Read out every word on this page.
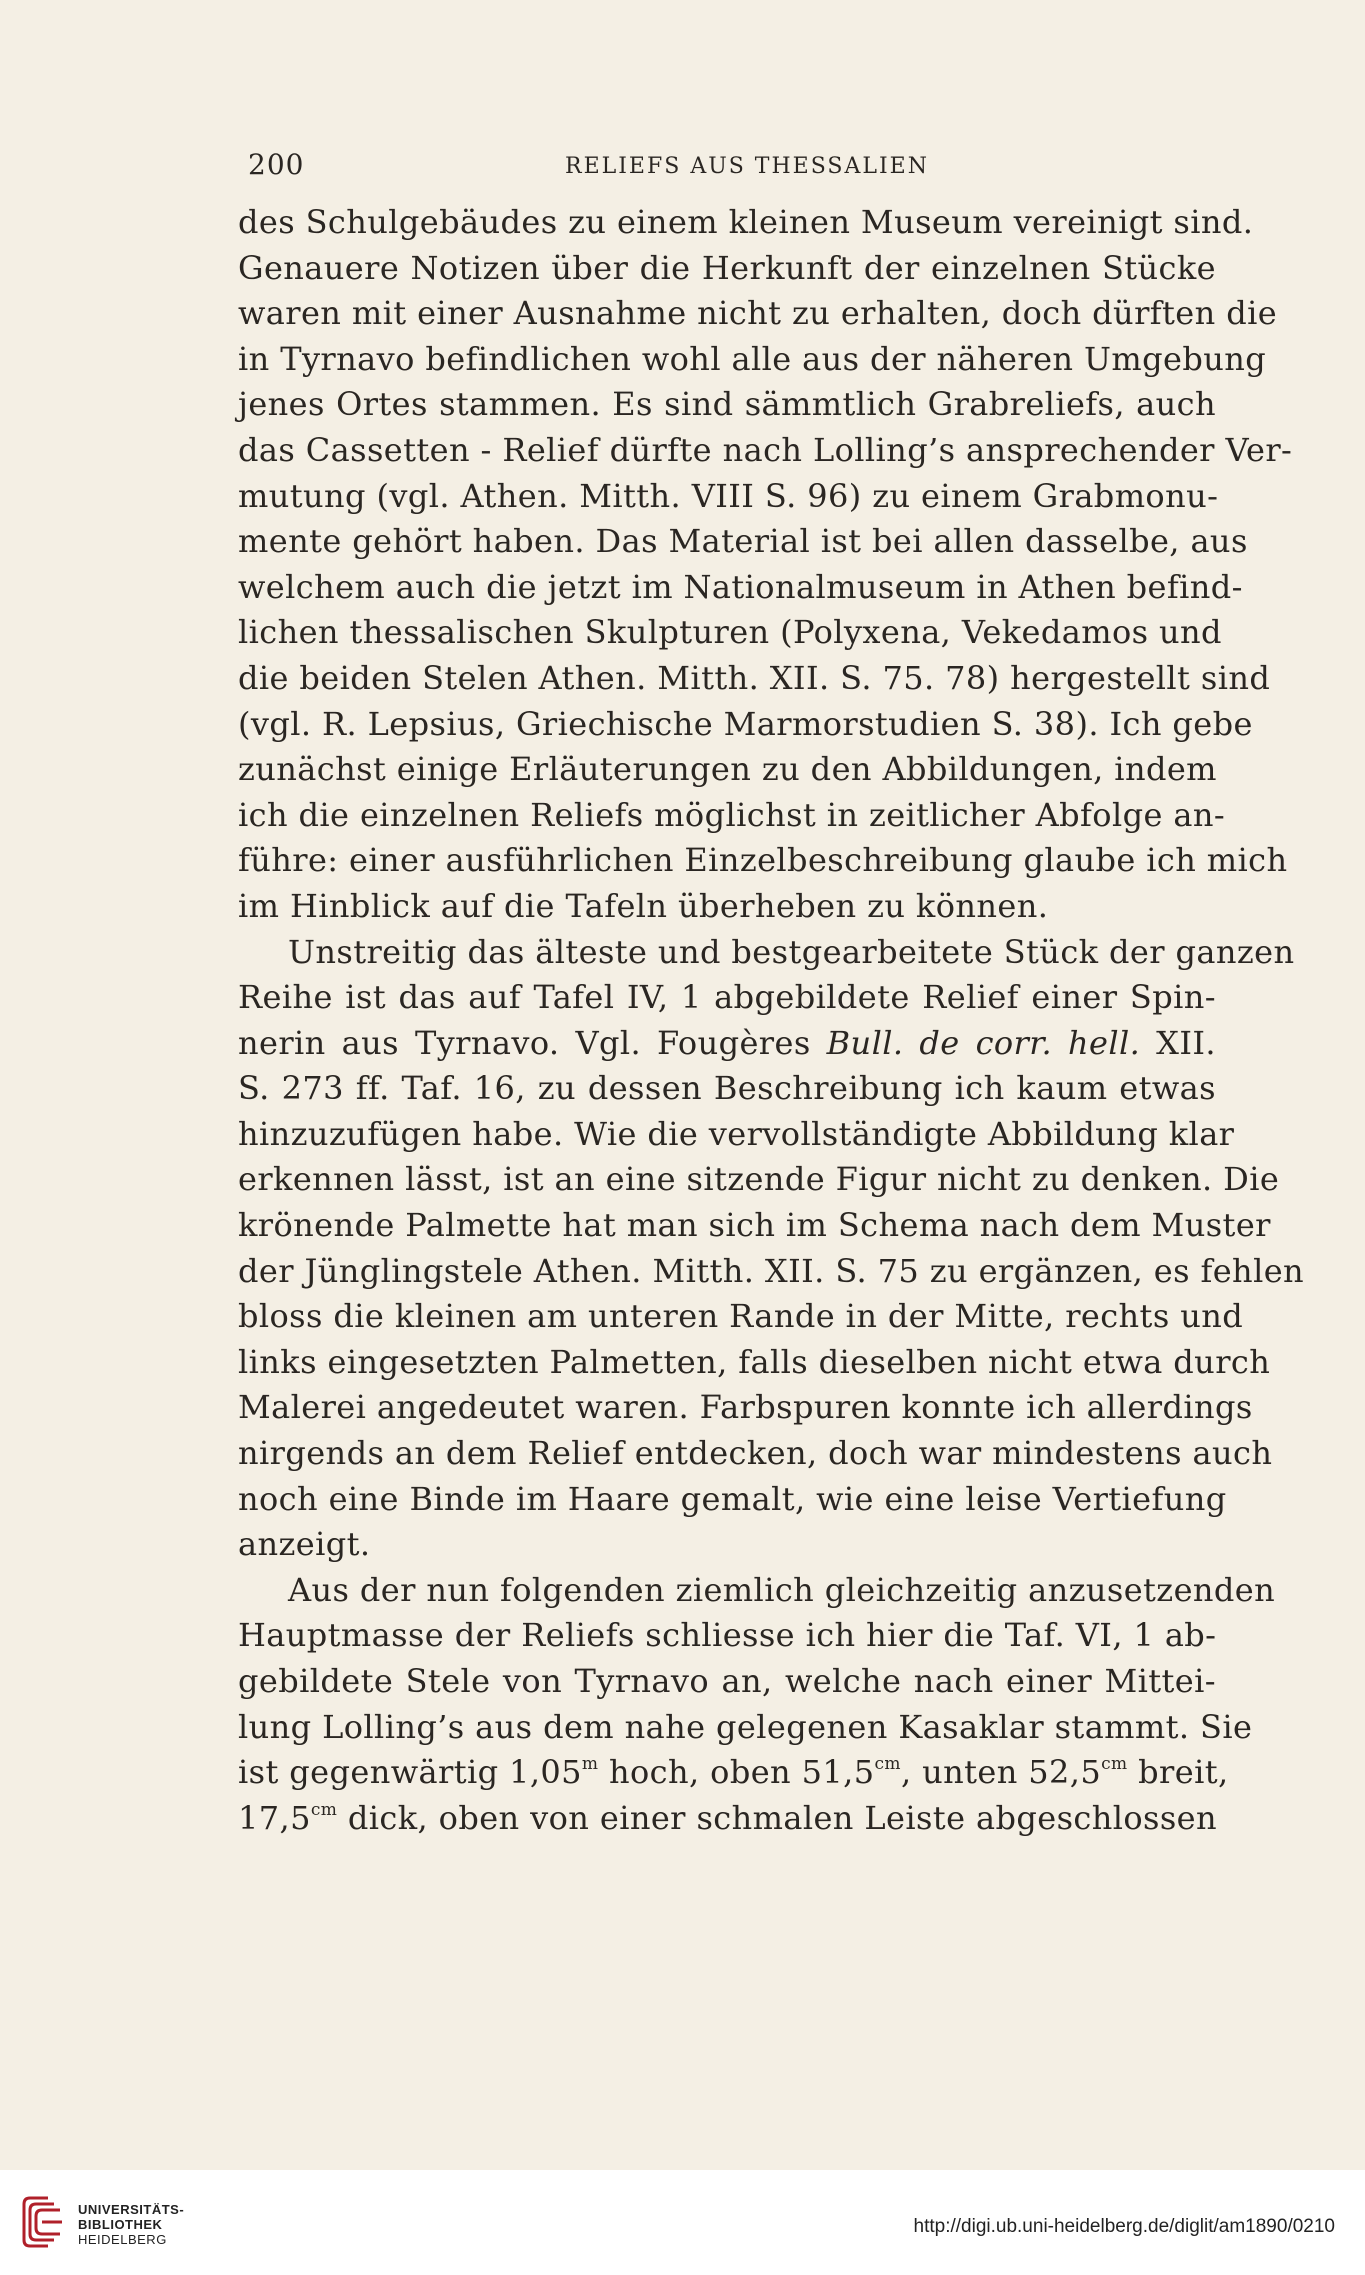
200	RELIEFS AUS THESSALIEN
des Schulgebäudes zu einem kleinen Museum vereinigt sind.
Genauere Notizen über die Herkunft der einzelnen Stücke
waren mit einer Ausnahme nicht zu erhalten, doch dürften die
in Tyrnavo befindlichen wohl alle aus der näheren Umgebung
jenes Ortes stammen. Es sind sämmtlich Grabreliefs, auch
das Cassetten - Relief dürfte nach Lolling’s ansprechender Ver-
mutung (vgl. Athen. Mitth. VIII S. 96) zu einem Grabmonu-
mente gehört haben. Das Material ist bei allen dasselbe, aus
welchem auch die jetzt im Nationalmuseum in Athen befind-
lichen thessalischen Skulpturen (Polyxena, Vekedamos und
die beiden Stelen Athen. Mitth. XII. S. 75. 78) hergestellt sind
(vgl. R. Lepsius, Griechische Marmorstudien S. 38). Ich gebe
zunächst einige Erläuterungen zu den Abbildungen, indem
ich die einzelnen Reliefs möglichst in zeitlicher Abfolge an-
führe: einer ausführlichen Einzelbeschreibung glaube ich mich
im Hinblick auf die Tafeln überheben zu können.
Unstreitig das älteste und bestgearbeitete Stück der ganzen
Reihe ist das auf Tafel IV, 1 abgebildete Relief einer Spin-
nerin aus Tyrnavo. Vgl. Fougères Bull. de corr. hell. XII.
S. 273 ff. Taf. 16, zu dessen Beschreibung ich kaum etwas
hinzuzufügen habe. Wie die vervollständigte Abbildung klar
erkennen lässt, ist an eine sitzende Figur nicht zu denken. Die
krönende Palmette hat man sich im Schema nach dem Muster
der Jünglingstele Athen. Mitth. XII. S. 75 zu ergänzen, es fehlen
bloss die kleinen am unteren Rande in der Mitte, rechts und
links eingesetzten Palmetten, falls dieselben nicht etwa durch
Malerei angedeutet waren. Farbspuren konnte ich allerdings
nirgends an dem Relief entdecken, doch war mindestens auch
noch eine Binde im Haare gemalt, wie eine leise Vertiefung
anzeigt.
Aus der nun folgenden ziemlich gleichzeitig anzusetzenden
Hauptmasse der Reliefs schliesse ich hier die Taf. VI, 1 ab-
gebildete Stele von Tyrnavo an, welche nach einer Mittei-
lung Lolling’s aus dem nahe gelegenen Kasaklar stammt. Sie
ist gegenwärtig 1,05$^m$ hoch, oben $51,5^{cm}$, unten $52,5^{cm}$ breit,
$17,5^{cm}$ dick, oben von einer schmalen Leiste abgeschlossen
UNIVERSITÄTS-
BIBLIOTHEK
HEIDELBERG
http://digi.ub.uni-heidelberg.de/diglit/am1890/0210
